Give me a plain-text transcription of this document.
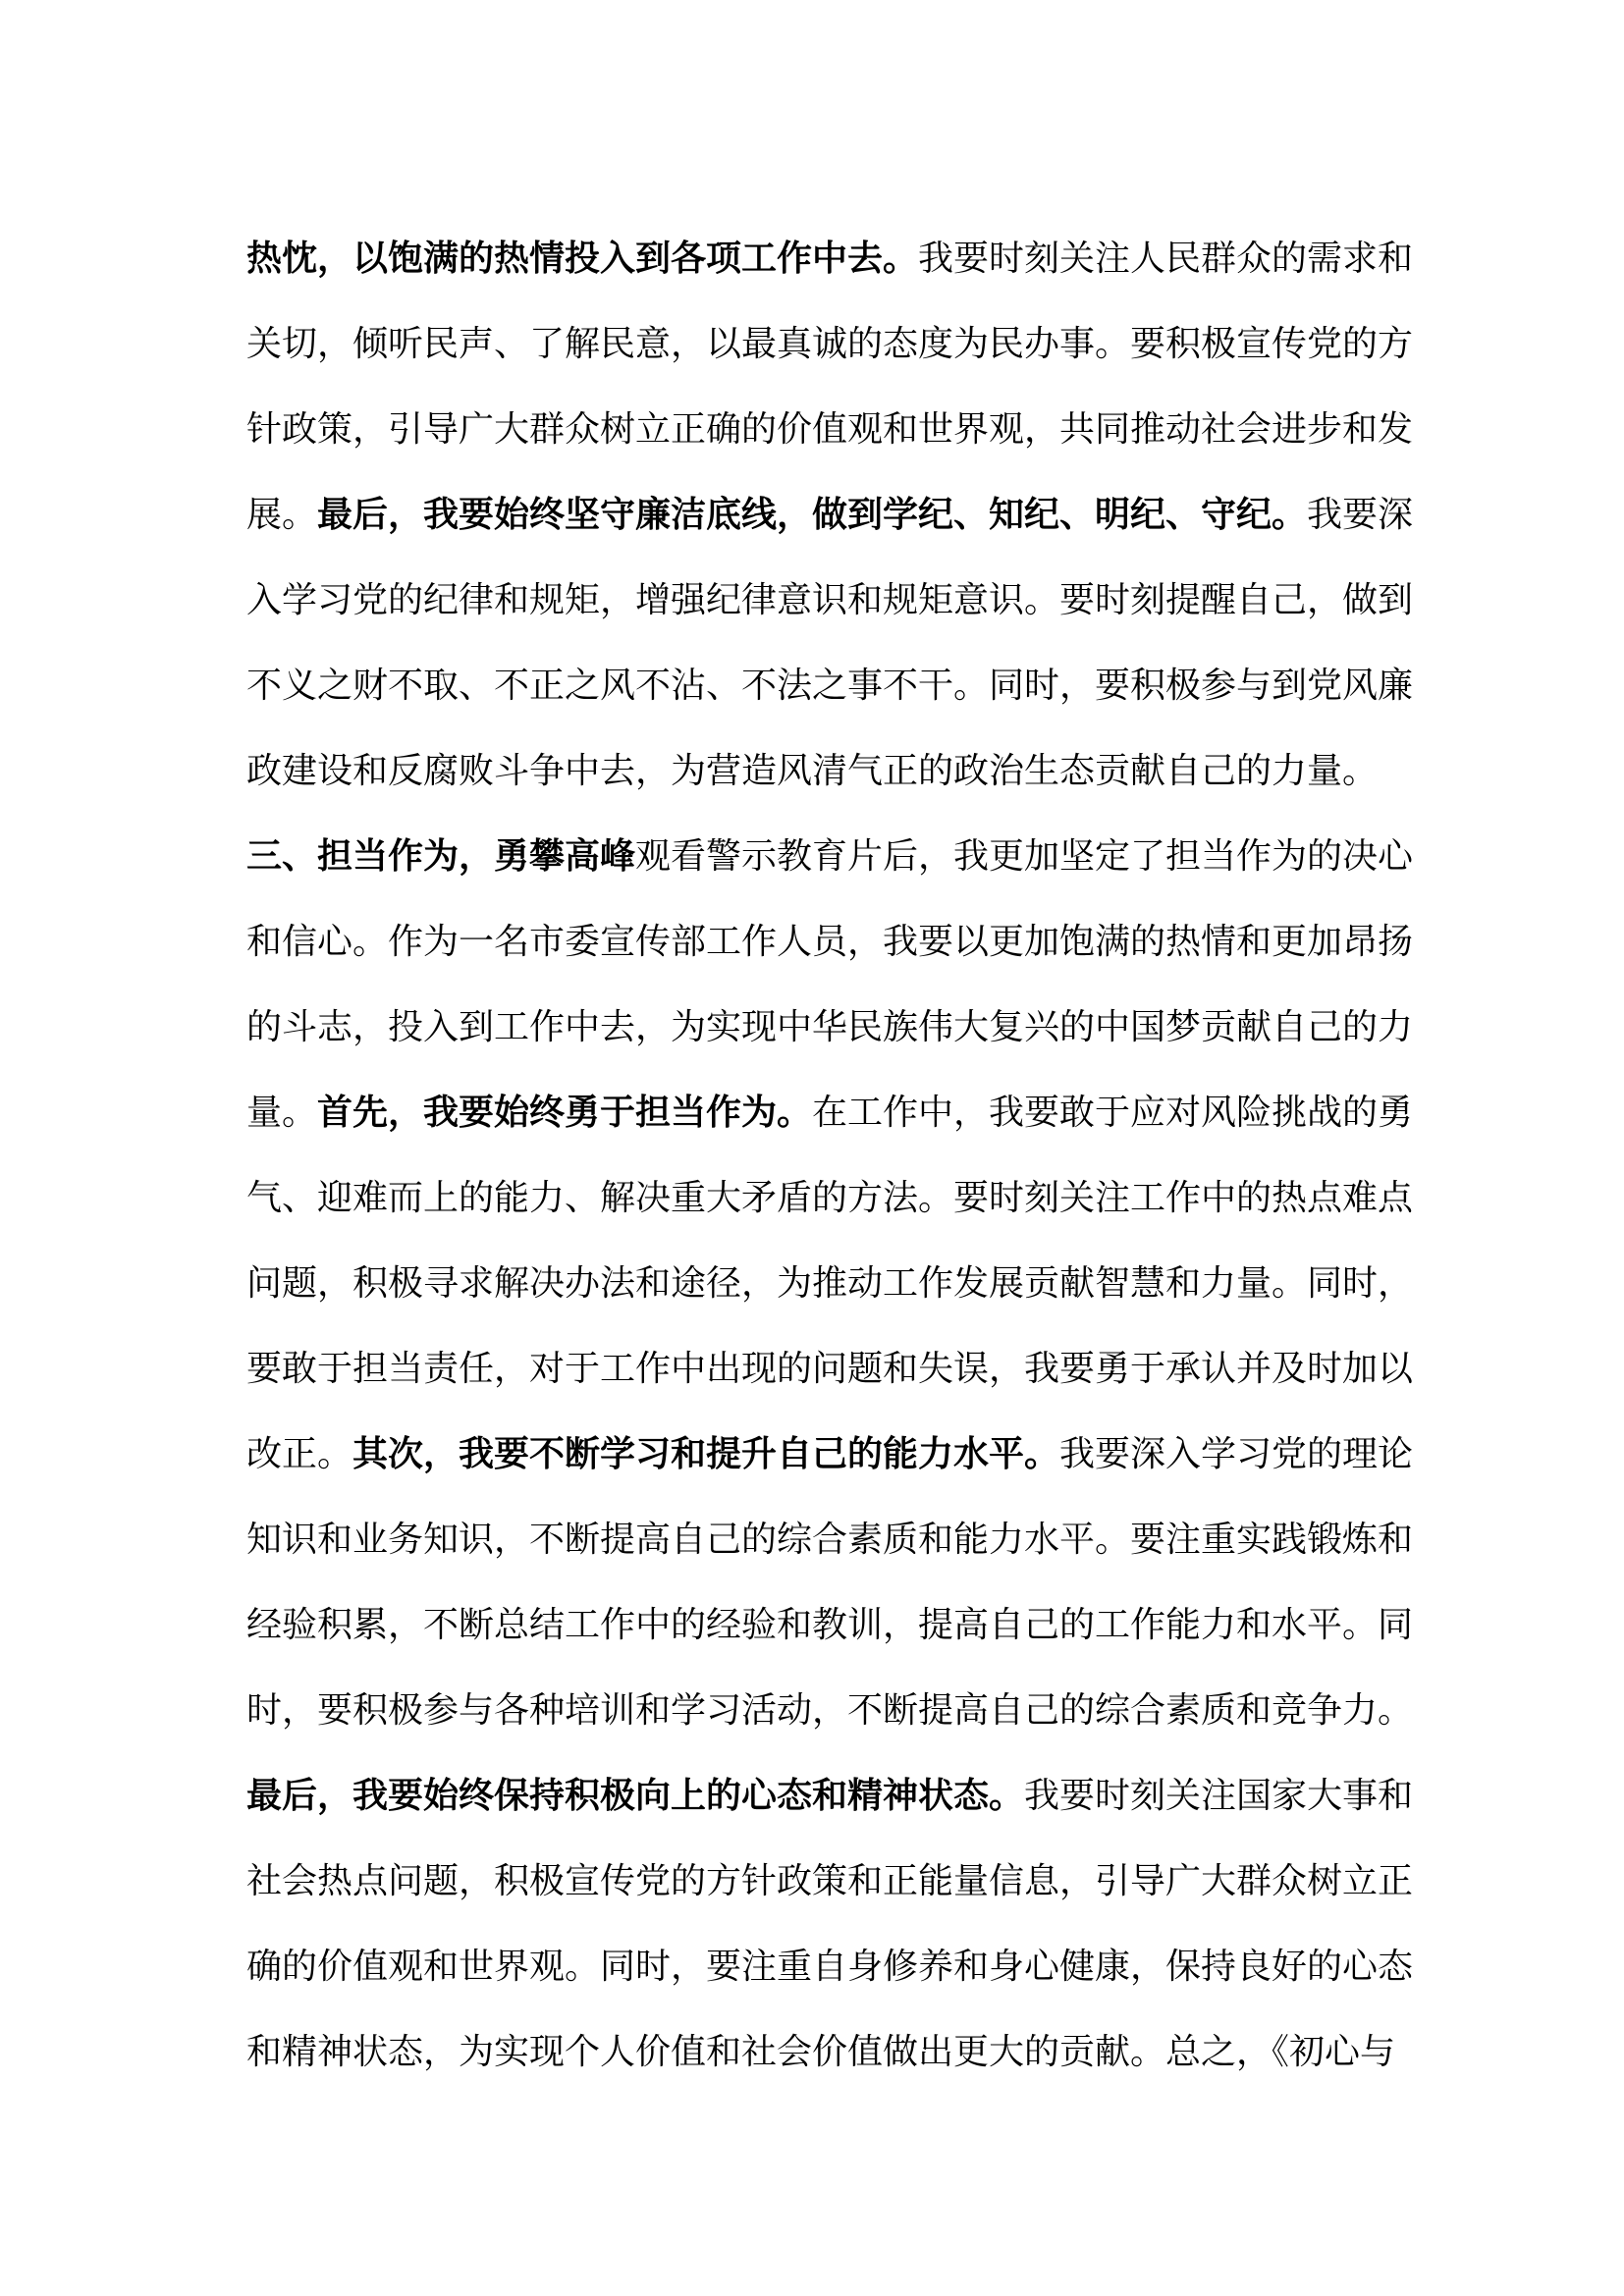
热忱，以饱满的热情投入到各项工作中去。我要时刻关注人民群众的需求和
关切，倾听民声、了解民意，以最真诚的态度为民办事。要积极宣传党的方
针政策，引导广大群众树立正确的价值观和世界观，共同推动社会进步和发
展。最后，我要始终坚守廉洁底线，做到学纪、知纪、明纪、守纪。我要深
入学习党的纪律和规矩，增强纪律意识和规矩意识。要时刻提醒自己，做到
不义之财不取、不正之风不沾、不法之事不干。同时，要积极参与到党风廉
政建设和反腐败斗争中去，为营造风清气正的政治生态贡献自己的力量。
三、担当作为，勇攀高峰观看警示教育片后，我更加坚定了担当作为的决心
和信心。作为一名市委宣传部工作人员，我要以更加饱满的热情和更加昂扬
的斗志，投入到工作中去，为实现中华民族伟大复兴的中国梦贡献自己的力
量。首先，我要始终勇于担当作为。在工作中，我要敢于应对风险挑战的勇
气、迎难而上的能力、解决重大矛盾的方法。要时刻关注工作中的热点难点
问题，积极寻求解决办法和途径，为推动工作发展贡献智慧和力量。同时，
要敢于担当责任，对于工作中出现的问题和失误，我要勇于承认并及时加以
改正。其次，我要不断学习和提升自己的能力水平。我要深入学习党的理论
知识和业务知识，不断提高自己的综合素质和能力水平。要注重实践锻炼和
经验积累，不断总结工作中的经验和教训，提高自己的工作能力和水平。同
时，要积极参与各种培训和学习活动，不断提高自己的综合素质和竞争力。
最后，我要始终保持积极向上的心态和精神状态。我要时刻关注国家大事和
社会热点问题，积极宣传党的方针政策和正能量信息，引导广大群众树立正
确的价值观和世界观。同时，要注重自身修养和身心健康，保持良好的心态
和精神状态，为实现个人价值和社会价值做出更大的贡献。总之，《初心与
